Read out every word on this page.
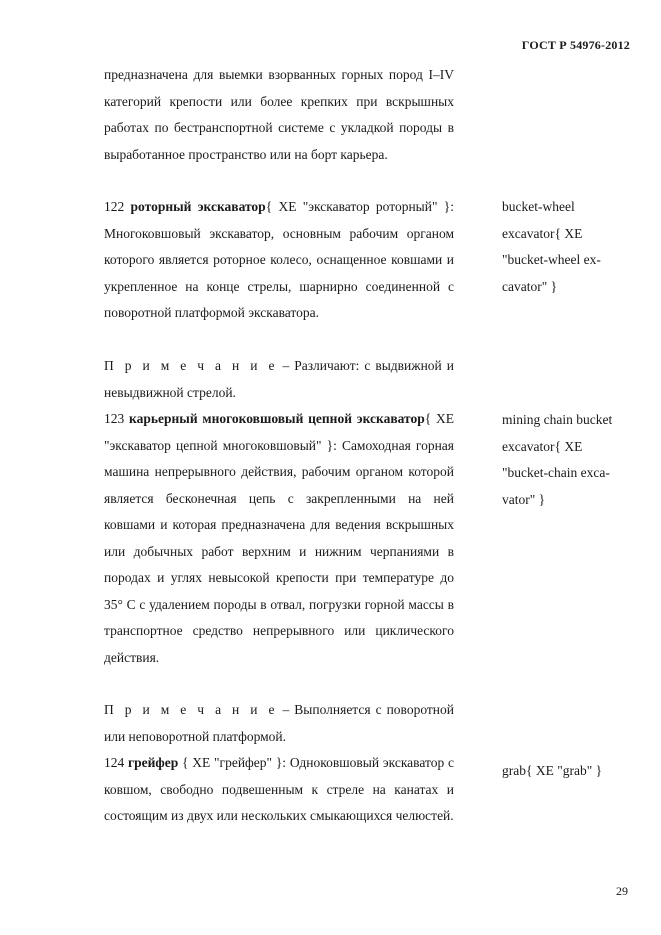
ГОСТ Р 54976-2012

предназначена для выемки взорванных горных пород I–IV категорий крепости или более крепких при вскрышных работах по бестранспортной системе с укладкой породы в выработанное пространство или на борт карьера.

122 роторный экскаватор{ XE "экскаватор роторный" }: Многоковшовый экскаватор, основным рабочим органом которого является роторное колесо, оснащенное ковшами и укрепленное на конце стрелы, шарнирно соединенной с поворотной платформой экскаватора.

П р и м е ч а н и е – Различают: с выдвижной и невыдвижной стрелой.

123 карьерный многоковшовый цепной экскаватор{ XE "экскаватор цепной многоковшовый" }: Самоходная горная машина непрерывного действия, рабочим органом которой является бесконечная цепь с закрепленными на ней ковшами и которая предназначена для ведения вскрышных или добычных работ верхним и нижним черпаниями в породах и углях невысокой крепости при температуре до 35° C с удалением породы в отвал, погрузки горной массы в транспортное средство непрерывного или циклического действия.

П р и м е ч а н и е – Выполняется с поворотной или неповоротной платформой.

124 грейфер { XE "грейфер" }: Одноковшовый экскаватор с ковшом, свободно подвешенным к стреле на канатах и состоящим из двух или нескольких смыкающихся челюстей.

bucket-wheel
excavator{ XE
"bucket-wheel ex-
cavator" }
mining chain bucket
excavator{ XE
"bucket-chain exca-
vator" }
grab{ XE "grab" }
29
